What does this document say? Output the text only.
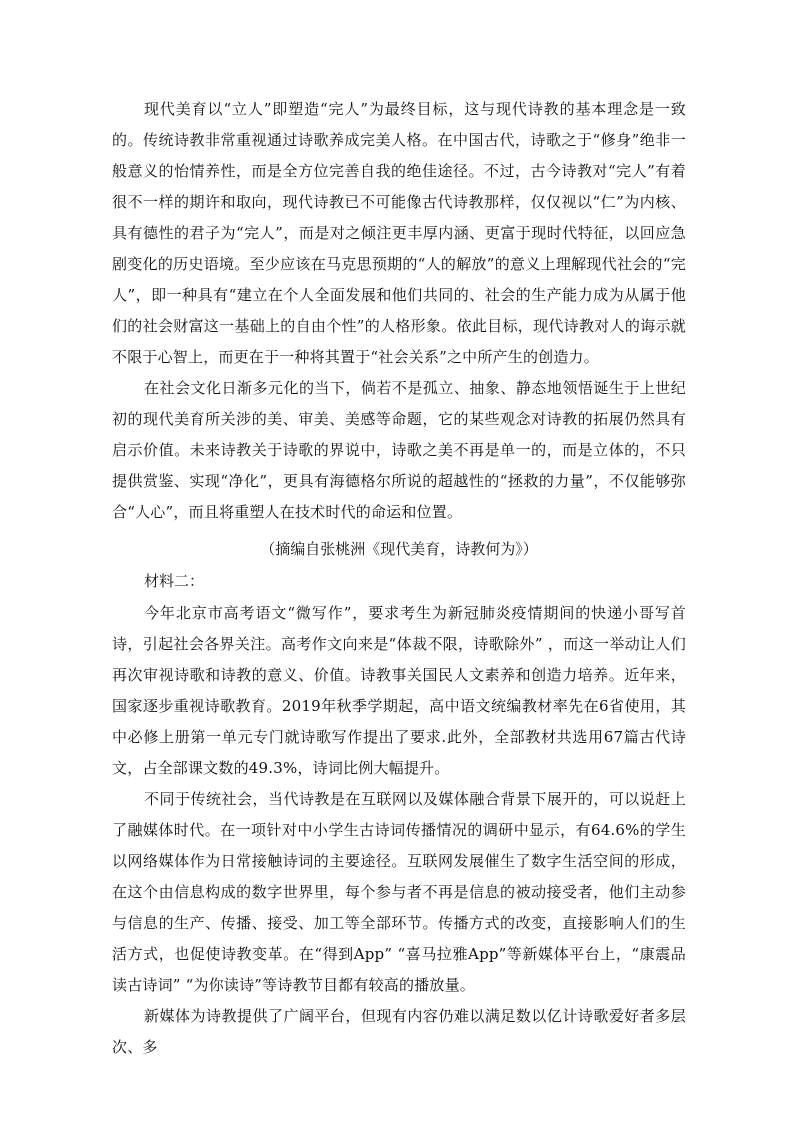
现代美育以“立人”即塑造“完人”为最终目标，这与现代诗教的基本理念是一致的。传统诗教非常重视通过诗歌养成完美人格。在中国古代，诗歌之于“修身”绝非一般意义的怡情养性，而是全方位完善自我的绝佳途径。不过，古今诗教对“完人”有着很不一样的期许和取向，现代诗教已不可能像古代诗教那样，仅仅视以“仁”为内核、具有德性的君子为“完人”，而是对之倾注更丰厚内涵、更富于现时代特征，以回应急剧变化的历史语境。至少应该在马克思预期的“人的解放”的意义上理解现代社会的“完人”，即一种具有“建立在个人全面发展和他们共同的、社会的生产能力成为从属于他们的社会财富这一基础上的自由个性”的人格形象。依此目标，现代诗教对人的诲示就不限于心智上，而更在于一种将其置于“社会关系”之中所产生的创造力。

在社会文化日渐多元化的当下，倘若不是孤立、抽象、静态地领悟诞生于上世纪初的现代美育所关涉的美、审美、美感等命题，它的某些观念对诗教的拓展仍然具有启示价值。未来诗教关于诗歌的界说中，诗歌之美不再是单一的，而是立体的，不只提供赏鉴、实现“净化”，更具有海德格尔所说的超越性的“拯救的力量”，不仅能够弥合“人心”，而且将重塑人在技术时代的命运和位置。

（摘编自张桃洲《现代美育，诗教何为》）

材料二：

今年北京市高考语文“微写作”，要求考生为新冠肺炎疫情期间的快递小哥写首诗，引起社会各界关注。高考作文向来是“体裁不限，诗歌除外” ，而这一举动让人们再次审视诗歌和诗教的意义、价值。诗教事关国民人文素养和创造力培养。近年来，国家逐步重视诗歌教育。2019年秋季学期起，高中语文统编教材率先在6省使用，其中必修上册第一单元专门就诗歌写作提出了要求.此外，全部教材共选用67篇古代诗文，占全部课文数的49.3%，诗词比例大幅提升。

不同于传统社会，当代诗教是在互联网以及媒体融合背景下展开的，可以说赶上了融媒体时代。在一项针对中小学生古诗词传播情况的调研中显示，有64.6%的学生以网络媒体作为日常接触诗词的主要途径。互联网发展催生了数字生活空间的形成，在这个由信息构成的数字世界里，每个参与者不再是信息的被动接受者，他们主动参与信息的生产、传播、接受、加工等全部环节。传播方式的改变，直接影响人们的生活方式，也促使诗教变革。在“得到App” “喜马拉雅App”等新媒体平台上，“康震品读古诗词” “为你读诗”等诗教节目都有较高的播放量。

新媒体为诗教提供了广阔平台，但现有内容仍难以满足数以亿计诗歌爱好者多层次、多
